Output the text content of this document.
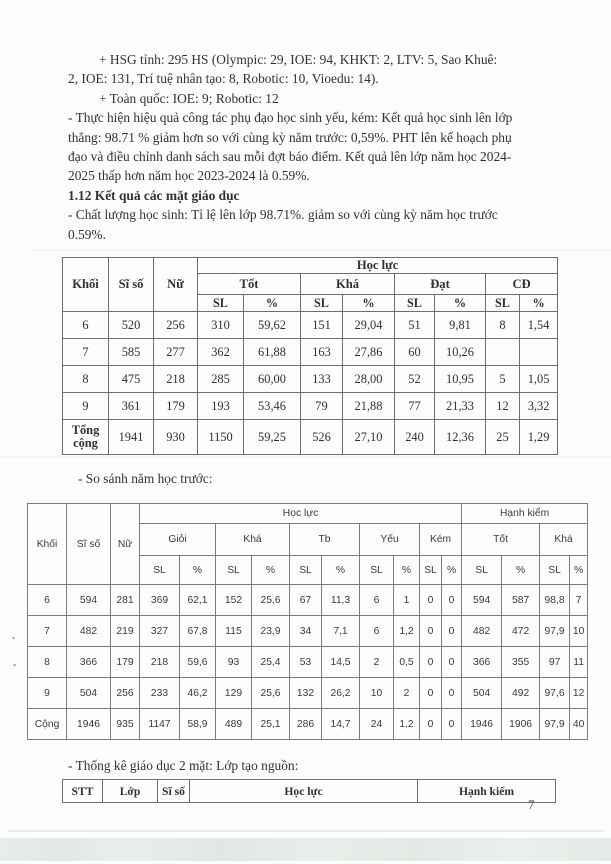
+ HSG tỉnh: 295 HS (Olympic: 29, IOE: 94, KHKT: 2, LTV: 5, Sao Khuê:
2, IOE: 131, Trí tuệ nhân tạo: 8, Robotic: 10, Vioedu: 14).
+ Toàn quốc: IOE: 9; Robotic: 12
- Thực hiện hiệu quả công tác phụ đạo học sinh yếu, kém: Kết quả học sinh lên lớp
thẳng: 98.71 % giảm hơn so với cùng kỳ năm trước: 0,59%. PHT lên kế hoạch phụ
đạo và điều chỉnh danh sách sau mỗi đợt báo điểm. Kết quả lên lớp năm học 2024-
2025 thấp hơn năm học 2023-2024 là 0.59%.
1.12 Kết quả các mặt giáo dục
- Chất lượng học sinh: Tỉ lệ lên lớp 98.71%. giảm so với cùng kỳ năm học trước
0.59%.
Khối	Sĩ số	Nữ	Học lực							
			Tốt		Khá		Đạt		CĐ	
			SL	%	SL	%	SL	%	SL	%
6	520	256	310	59,62	151	29,04	51	9,81	8	1,54
7	585	277	362	61,88	163	27,86	60	10,26		
8	475	218	285	60,00	133	28,00	52	10,95	5	1,05
9	361	179	193	53,46	79	21,88	77	21,33	12	3,32
Tổng cộng	1941	930	1150	59,25	526	27,10	240	12,36	25	1,29
- So sánh năm học trước:
Khối	Sĩ số	Nữ	Học lực										Hạnh kiểm			
			Giỏi		Khá		Tb		Yếu		Kém		Tốt		Khá	
			SL	%	SL	%	SL	%	SL	%	SL	%	SL	%	SL	%
6	594	281	369	62,1	152	25,6	67	11,3	6	1	0	0	594	587	98,8	7
7	482	219	327	67,8	115	23,9	34	7,1	6	1,2	0	0	482	472	97,9	10
8	366	179	218	59,6	93	25,4	53	14,5	2	0,5	0	0	366	355	97	11
9	504	256	233	46,2	129	25,6	132	26,2	10	2	0	0	504	492	97,6	12
Cộng	1946	935	1147	58,9	489	25,1	286	14,7	24	1,2	0	0	1946	1906	97,9	40
- Thống kê giáo dục 2 mặt: Lớp tạo nguồn:
STT	Lớp	Sĩ số	Học lực	Hạnh kiểm
7
